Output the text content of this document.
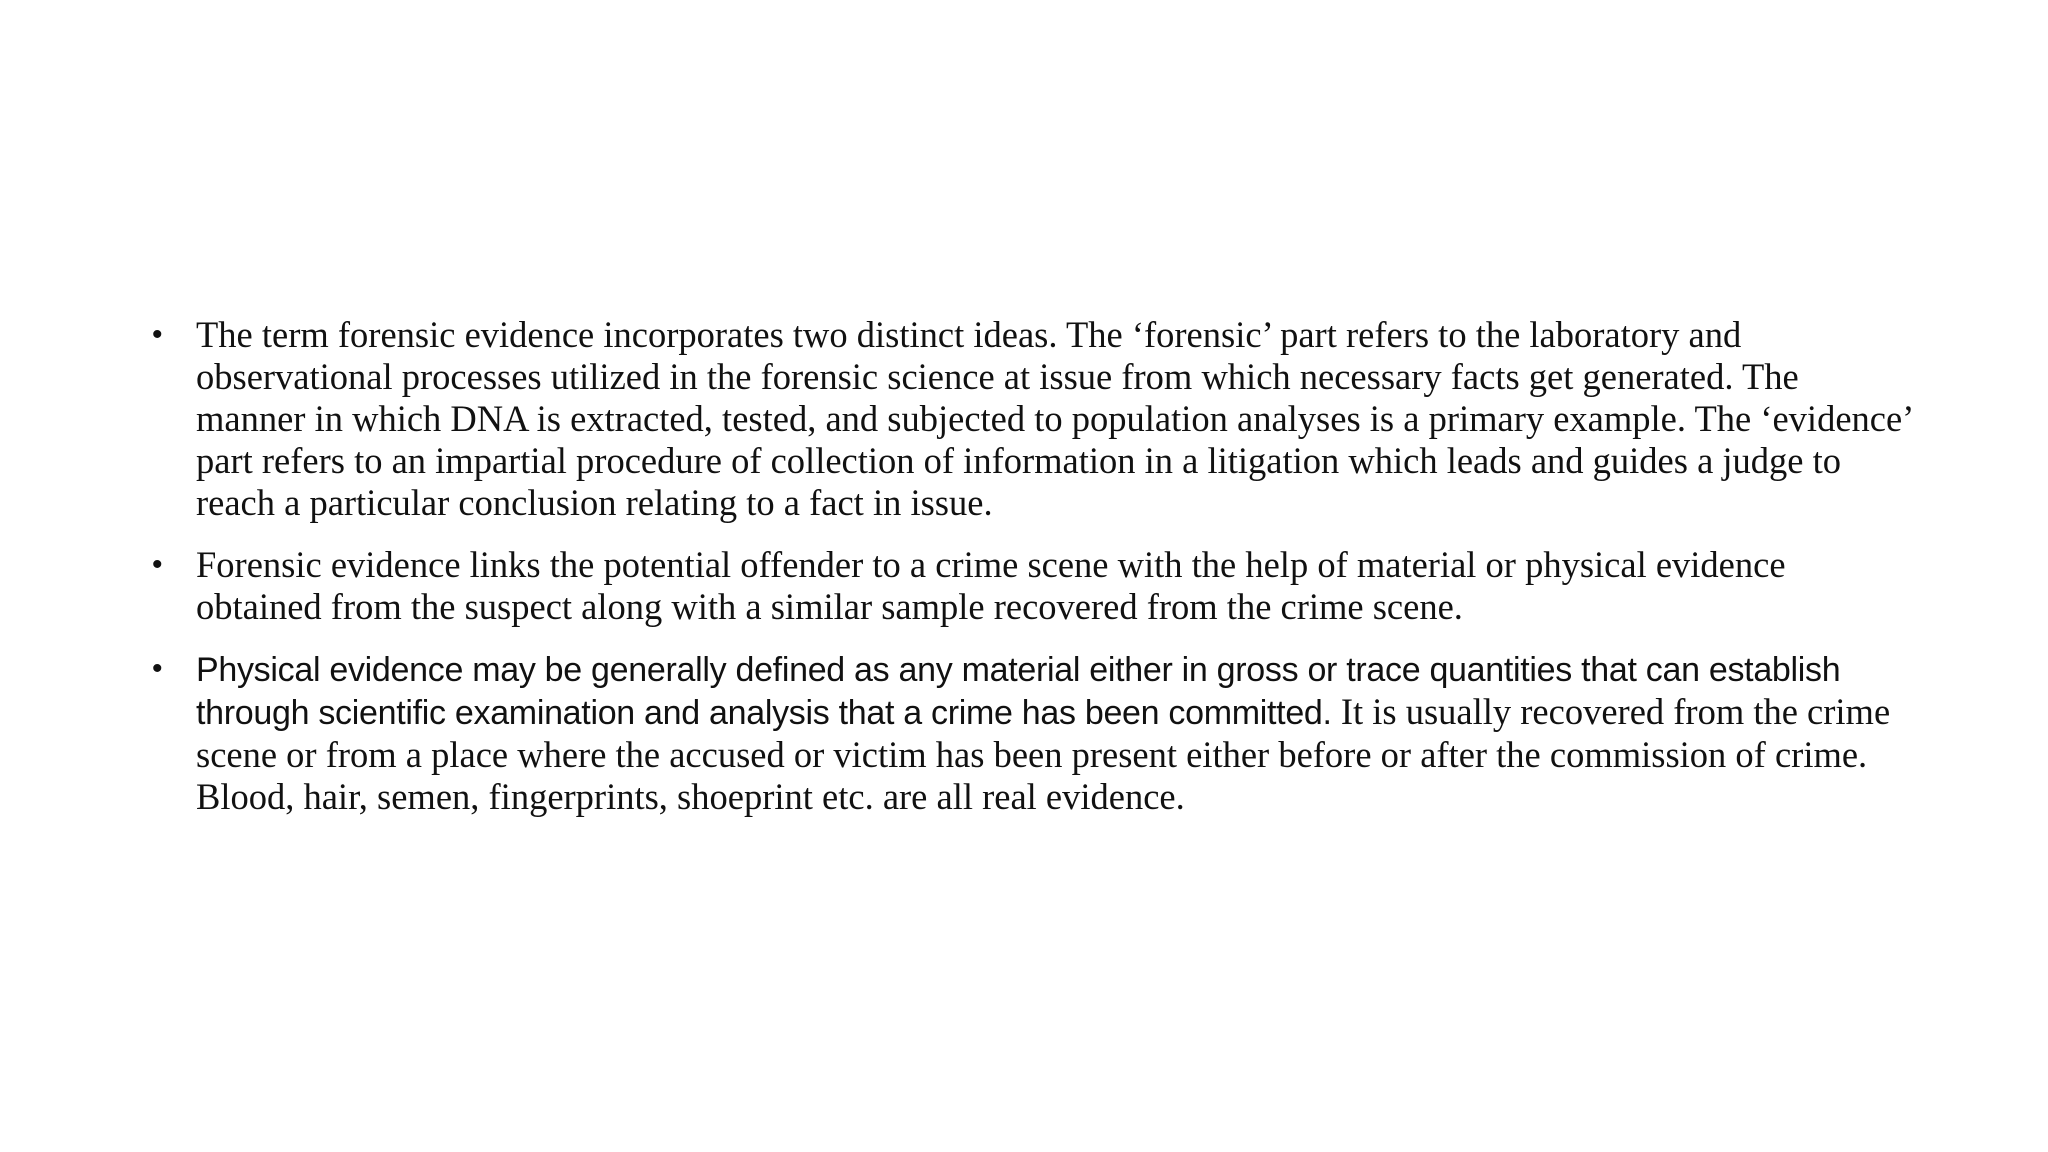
• The term forensic evidence incorporates two distinct ideas. The ‘forensic’ part refers to the laboratory and observational processes utilized in the forensic science at issue from which necessary facts get generated. The manner in which DNA is extracted, tested, and subjected to population analyses is a primary example. The ‘evidence’ part refers to an impartial procedure of collection of information in a litigation which leads and guides a judge to reach a particular conclusion relating to a fact in issue.
• Forensic evidence links the potential offender to a crime scene with the help of material or physical evidence obtained from the suspect along with a similar sample recovered from the crime scene.
• Physical evidence may be generally defined as any material either in gross or trace quantities that can establish through scientific examination and analysis that a crime has been committed. It is usually recovered from the crime scene or from a place where the accused or victim has been present either before or after the commission of crime. Blood, hair, semen, fingerprints, shoeprint etc. are all real evidence.
